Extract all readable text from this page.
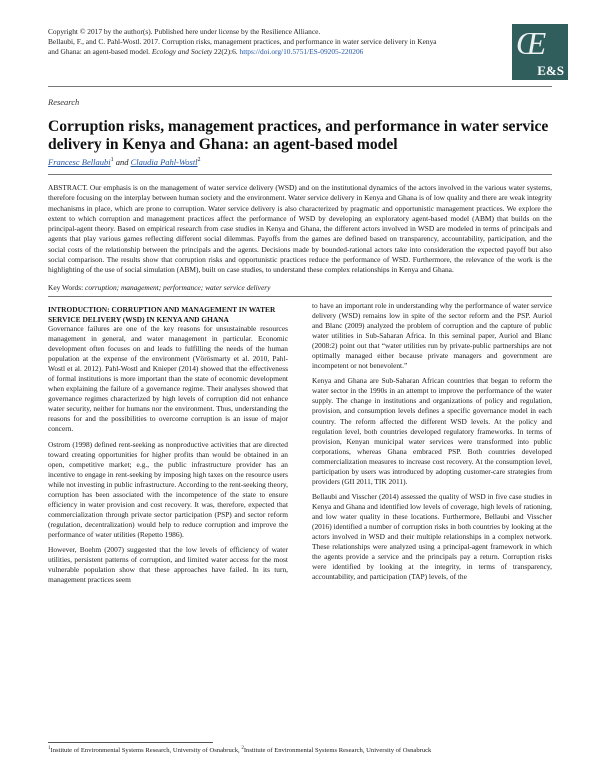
Copyright © 2017 by the author(s). Published here under license by the Resilience Alliance.
Bellaubi, F., and C. Pahl-Wostl. 2017. Corruption risks, management practices, and performance in water service delivery in Kenya
and Ghana: an agent-based model. Ecology and Society 22(2):6. https://doi.org/10.5751/ES-09205-220206	Œ
E&S
Research
Corruption risks, management practices, and performance in water service delivery in Kenya and Ghana: an agent-based model
Francesc Bellaubi$^1$ and Claudia Pahl-Wostl$^2$
ABSTRACT. Our emphasis is on the management of water service delivery (WSD) and on the institutional dynamics of the actors involved in the various water systems, therefore focusing on the interplay between human society and the environment. Water service delivery in Kenya and Ghana is of low quality and there are weak integrity mechanisms in place, which are prone to corruption. Water service delivery is also characterized by pragmatic and opportunistic management practices. We explore the extent to which corruption and management practices affect the performance of WSD by developing an exploratory agent-based model (ABM) that builds on the principal-agent theory. Based on empirical research from case studies in Kenya and Ghana, the different actors involved in WSD are modeled in terms of principals and agents that play various games reflecting different social dilemmas. Payoffs from the games are defined based on transparency, accountability, participation, and the social costs of the relationship between the principals and the agents. Decisions made by bounded-rational actors take into consideration the expected payoff but also social comparison. The results show that corruption risks and opportunistic practices reduce the performance of WSD. Furthermore, the relevance of the work is the highlighting of the use of social simulation (ABM), built on case studies, to understand these complex relationships in Kenya and Ghana.
Key Words: corruption; management; performance; water service delivery
INTRODUCTION: CORRUPTION AND MANAGEMENT IN WATER SERVICE DELIVERY (WSD) IN KENYA AND GHANA

Governance failures are one of the key reasons for unsustainable resources management in general, and water management in particular. Economic development often focuses on and leads to fulfilling the needs of the human population at the expense of the environment (Vörösmarty et al. 2010, Pahl-Wostl et al. 2012). Pahl-Wostl and Knieper (2014) showed that the effectiveness of formal institutions is more important than the state of economic development when explaining the failure of a governance regime. Their analyses showed that governance regimes characterized by high levels of corruption did not enhance water security, neither for humans nor the environment. Thus, understanding the reasons for and the possibilities to overcome corruption is an issue of major concern.

Ostrom (1998) defined rent-seeking as nonproductive activities that are directed toward creating opportunities for higher profits than would be obtained in an open, competitive market; e.g., the public infrastructure provider has an incentive to engage in rent-seeking by imposing high taxes on the resource users while not investing in public infrastructure. According to the rent-seeking theory, corruption has been associated with the incompetence of the state to ensure efficiency in water provision and cost recovery. It was, therefore, expected that commercialization through private sector participation (PSP) and sector reform (regulation, decentralization) would help to reduce corruption and improve the performance of water utilities (Repetto 1986).

However, Boehm (2007) suggested that the low levels of efficiency of water utilities, persistent patterns of corruption, and limited water access for the most vulnerable population show that these approaches have failed. In its turn, management practices seem

to have an important role in understanding why the performance of water service delivery (WSD) remains low in spite of the sector reform and the PSP. Auriol and Blanc (2009) analyzed the problem of corruption and the capture of public water utilities in Sub-Saharan Africa. In this seminal paper, Auriol and Blanc (2008:2) point out that “water utilities run by private-public partnerships are not optimally managed either because private managers and government are incompetent or not benevolent.”

Kenya and Ghana are Sub-Saharan African countries that began to reform the water sector in the 1990s in an attempt to improve the performance of the water supply. The change in institutions and organizations of policy and regulation, provision, and consumption levels defines a specific governance model in each country. The reform affected the different WSD levels. At the policy and regulation level, both countries developed regulatory frameworks. In terms of provision, Kenyan municipal water services were transformed into public corporations, whereas Ghana embraced PSP. Both countries developed commercialization measures to increase cost recovery. At the consumption level, participation by users was introduced by adopting customer-care strategies from providers (GII 2011, TIK 2011).

Bellaubi and Visscher (2014) assessed the quality of WSD in five case studies in Kenya and Ghana and identified low levels of coverage, high levels of rationing, and low water quality in these locations. Furthermore, Bellaubi and Visscher (2016) identified a number of corruption risks in both countries by looking at the actors involved in WSD and their multiple relationships in a complex network. These relationships were analyzed using a principal-agent framework in which the agents provide a service and the principals pay a return. Corruption risks were identified by looking at the integrity, in terms of transparency, accountability, and participation (TAP) levels, of the

$^1$Institute of Environmental Systems Research, University of Osnabruck, $^2$Institute of Environmental Systems Research, University of Osnabruck
